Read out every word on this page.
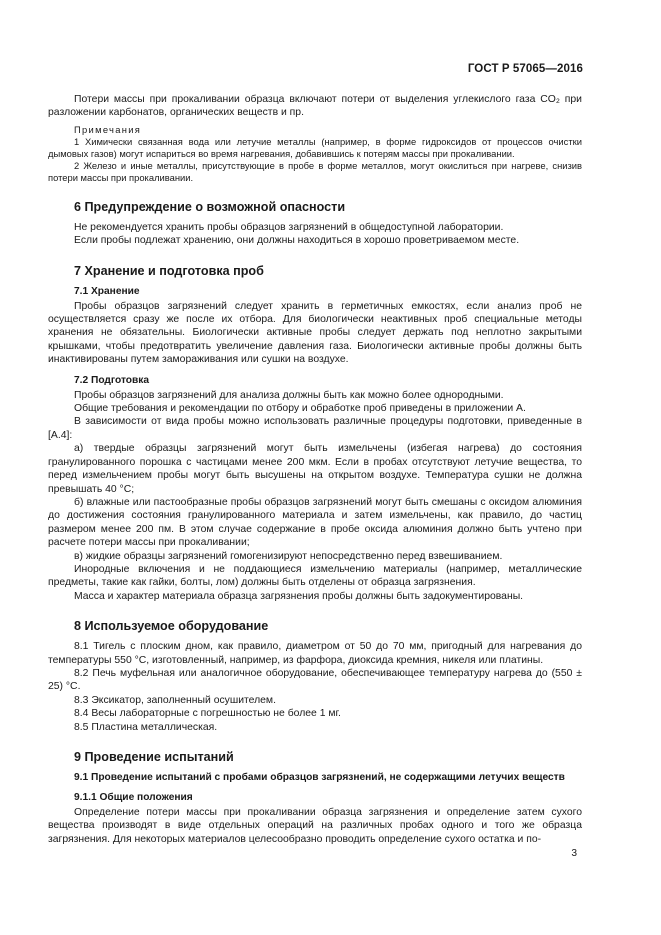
ГОСТ Р 57065—2016

Потери массы при прокаливании образца включают потери от выделения углекислого газа CO₂ при разложении карбонатов, органических веществ и пр.

Примечания

1 Химически связанная вода или летучие металлы (например, в форме гидроксидов от процессов очистки дымовых газов) могут испариться во время нагревания, добавившись к потерям массы при прокаливании.

2 Железо и иные металлы, присутствующие в пробе в форме металлов, могут окислиться при нагреве, снизив потери массы при прокаливании.

6 Предупреждение о возможной опасности

Не рекомендуется хранить пробы образцов загрязнений в общедоступной лаборатории.

Если пробы подлежат хранению, они должны находиться в хорошо проветриваемом месте.

7 Хранение и подготовка проб
7.1 Хранение

Пробы образцов загрязнений следует хранить в герметичных емкостях, если анализ проб не осуществляется сразу же после их отбора. Для биологически неактивных проб специальные методы хранения не обязательны. Биологически активные пробы следует держать под неплотно закрытыми крышками, чтобы предотвратить увеличение давления газа. Биологически активные пробы должны быть инактивированы путем замораживания или сушки на воздухе.

7.2 Подготовка

Пробы образцов загрязнений для анализа должны быть как можно более однородными.

Общие требования и рекомендации по отбору и обработке проб приведены в приложении А.

В зависимости от вида пробы можно использовать различные процедуры подготовки, приведенные в [А.4]:

а) твердые образцы загрязнений могут быть измельчены (избегая нагрева) до состояния гранулированного порошка с частицами менее 200 мкм. Если в пробах отсутствуют летучие вещества, то перед измельчением пробы могут быть высушены на открытом воздухе. Температура сушки не должна превышать 40 °С;

б) влажные или пастообразные пробы образцов загрязнений могут быть смешаны с оксидом алюминия до достижения состояния гранулированного материала и затем измельчены, как правило, до частиц размером менее 200 пм. В этом случае содержание в пробе оксида алюминия должно быть учтено при расчете потери массы при прокаливании;

в) жидкие образцы загрязнений гомогенизируют непосредственно перед взвешиванием.

Инородные включения и не поддающиеся измельчению материалы (например, металлические предметы, такие как гайки, болты, лом) должны быть отделены от образца загрязнения.

Масса и характер материала образца загрязнения пробы должны быть задокументированы.

8 Используемое оборудование

8.1 Тигель с плоским дном, как правило, диаметром от 50 до 70 мм, пригодный для нагревания до температуры 550 °С, изготовленный, например, из фарфора, диоксида кремния, никеля или платины.

8.2 Печь муфельная или аналогичное оборудование, обеспечивающее температуру нагрева до (550 ± 25) °С.

8.3 Эксикатор, заполненный осушителем.

8.4 Весы лабораторные с погрешностью не более 1 мг.

8.5 Пластина металлическая.

9 Проведение испытаний
9.1 Проведение испытаний с пробами образцов загрязнений, не содержащими летучих веществ
9.1.1 Общие положения

Определение потери массы при прокаливании образца загрязнения и определение затем сухого вещества производят в виде отдельных операций на различных пробах одного и того же образца загрязнения. Для некоторых материалов целесообразно проводить определение сухого остатка и по-

3
